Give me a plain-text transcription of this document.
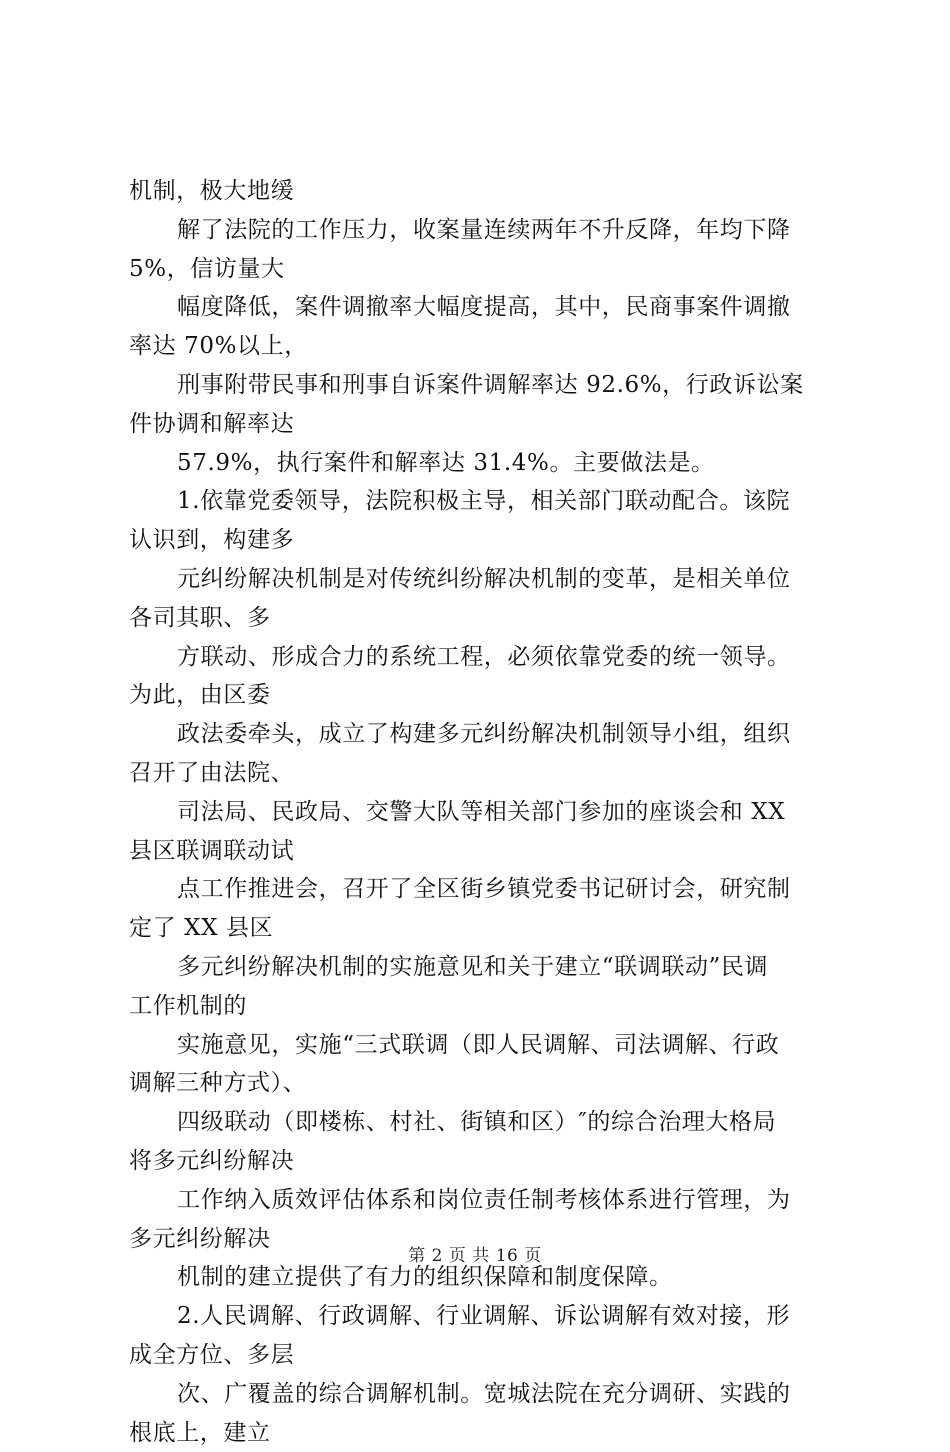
机制，极大地缓
解了法院的工作压力，收案量连续两年不升反降，年均下降
5%，信访量大
幅度降低，案件调撤率大幅度提高，其中，民商事案件调撤
率达 70%以上，
刑事附带民事和刑事自诉案件调解率达 92.6%，行政诉讼案
件协调和解率达
57.9%，执行案件和解率达 31.4%。主要做法是。
1.依靠党委领导，法院积极主导，相关部门联动配合。该院
认识到，构建多
元纠纷解决机制是对传统纠纷解决机制的变革，是相关单位
各司其职、多
方联动、形成合力的系统工程，必须依靠党委的统一领导。
为此，由区委
政法委牵头，成立了构建多元纠纷解决机制领导小组，组织
召开了由法院、
司法局、民政局、交警大队等相关部门参加的座谈会和 XX
县区联调联动试
点工作推进会，召开了全区街乡镇党委书记研讨会，研究制
定了 XX 县区
多元纠纷解决机制的实施意见和关于建立“联调联动”民调
工作机制的
实施意见，实施“三式联调（即人民调解、司法调解、行政
调解三种方式）、
四级联动（即楼栋、村社、街镇和区）″的综合治理大格局
将多元纠纷解决
工作纳入质效评估体系和岗位责任制考核体系进行管理，为
多元纠纷解决
机制的建立提供了有力的组织保障和制度保障。
2.人民调解、行政调解、行业调解、诉讼调解有效对接，形
成全方位、多层
次、广覆盖的综合调解机制。宽城法院在充分调研、实践的
根底上，建立
第 2 页 共 16 页
